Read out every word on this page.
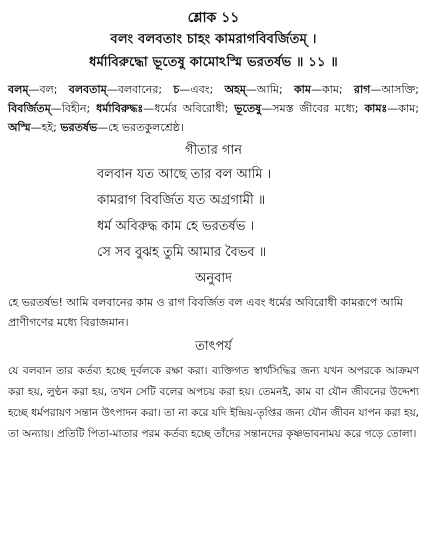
শ্লোক ১১
বলং বলবতাং চাহং কামরাগবিবর্জিতম্ ।
ধর্মাবিরুদ্ধো ভূতেষু কামোঽস্মি ভরতর্ষভ ॥ ১১ ॥
বলম্—বল; বলবতাম্—বলবানের; চ—এবং; অহম্—আমি; কাম—কাম; রাগ—আসক্তি; বিবর্জিতম্—বিহীন; ধর্মাবিরুদ্ধঃ—ধর্মের অবিরোধী; ভূতেষু—সমস্ত জীবের মধ্যে; কামঃ—কাম; অস্মি—হই; ভরতর্ষভ—হে ভরতকুলশ্রেষ্ঠ।
গীতার গান
বলবান যত আছে তার বল আমি ।
কামরাগ বিবর্জিত যত অগ্রগামী ॥
ধর্ম অবিরুদ্ধ কাম হে ভরতর্ষভ ।
সে সব বুঝহ তুমি আমার বৈভব ॥
অনুবাদ
হে ভরতর্ষভ! আমি বলবানের কাম ও রাগ বিবর্জিত বল এবং ধর্মের অবিরোধী কামরূপে আমি প্রাণীগণের মধ্যে বিরাজমান।
তাৎপর্য
যে বলবান তার কর্তব্য হচ্ছে দুর্বলকে রক্ষা করা। ব্যক্তিগত স্বার্থসিদ্ধির জন্য যখন অপরকে আক্রমণ করা হয়, লুণ্ঠন করা হয়, তখন সেটি বলের অপচয় করা হয়। তেমনই, কাম বা যৌন জীবনের উদ্দেশ্য হচ্ছে ধর্মপরায়ণ সন্তান উৎপাদন করা। তা না করে যদি ইন্দ্রিয়-তৃপ্তির জন্য যৌন জীবন যাপন করা হয়, তা অন্যায়। প্রতিটি পিতা-মাতার পরম কর্তব্য হচ্ছে তাঁদের সন্তানদের কৃষ্ণভাবনাময় করে গড়ে তোলা।
